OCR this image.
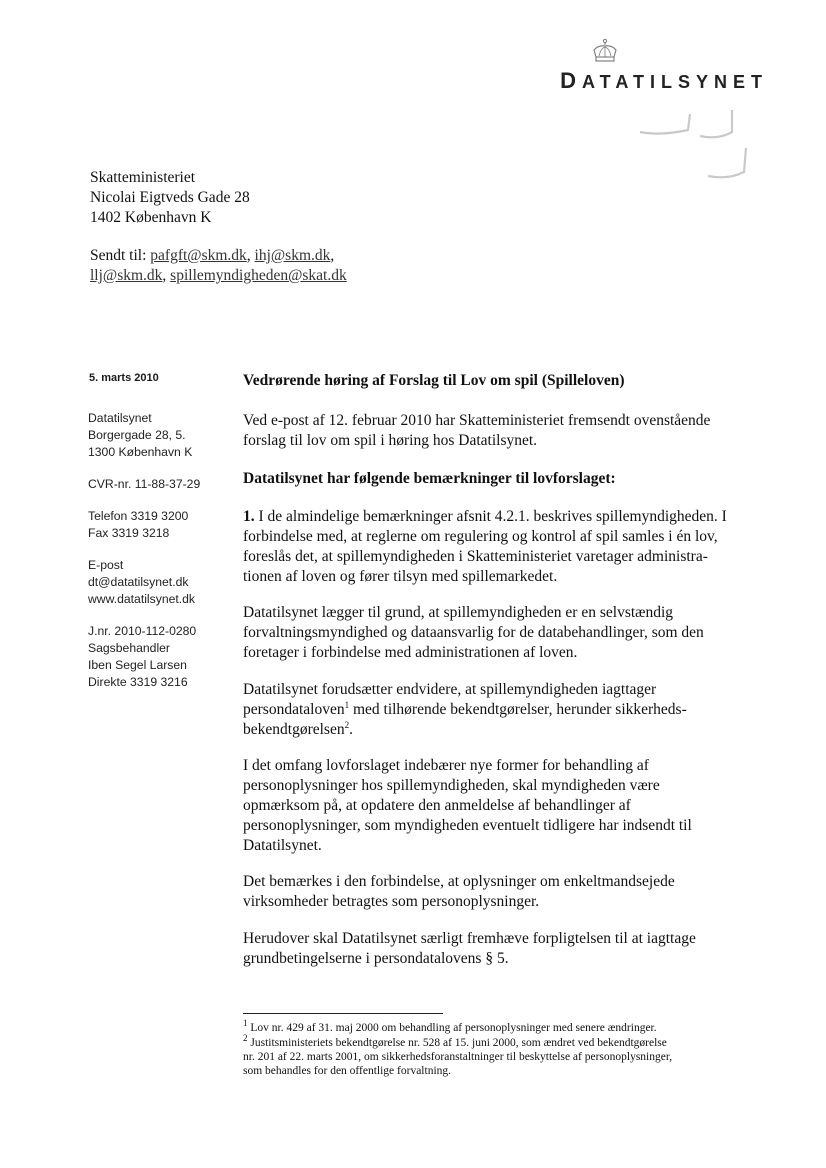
DATATILSYNET
Skatteministeriet
Nicolai Eigtveds Gade 28
1402 København K
Sendt til: pafgft@skm.dk, ihj@skm.dk,
llj@skm.dk, spillemyndigheden@skat.dk
5. marts 2010
Datatilsynet
Borgergade 28, 5.
1300 København K
CVR-nr. 11-88-37-29
Telefon 3319 3200
Fax 3319 3218
E-post
dt@datatilsynet.dk
www.datatilsynet.dk
J.nr. 2010-112-0280
Sagsbehandler
Iben Segel Larsen
Direkte 3319 3216
Vedrørende høring af Forslag til Lov om spil (Spilleloven)
Ved e-post af 12. februar 2010 har Skatteministeriet fremsendt ovenstående
forslag til lov om spil i høring hos Datatilsynet.
Datatilsynet har følgende bemærkninger til lovforslaget:
1. I de almindelige bemærkninger afsnit 4.2.1. beskrives spillemyndigheden. I
forbindelse med, at reglerne om regulering og kontrol af spil samles i én lov,
foreslås det, at spillemyndigheden i Skatteministeriet varetager administra-
tionen af loven og fører tilsyn med spillemarkedet.
Datatilsynet lægger til grund, at spillemyndigheden er en selvstændig
forvaltningsmyndighed og dataansvarlig for de databehandlinger, som den
foretager i forbindelse med administrationen af loven.
Datatilsynet forudsætter endvidere, at spillemyndigheden iagttager
persondataloven$^1$ med tilhørende bekendtgørelser, herunder sikkerheds-
bekendtgørelsen$^2$.
I det omfang lovforslaget indebærer nye former for behandling af
personoplysninger hos spillemyndigheden, skal myndigheden være
opmærksom på, at opdatere den anmeldelse af behandlinger af
personoplysninger, som myndigheden eventuelt tidligere har indsendt til
Datatilsynet.
Det bemærkes i den forbindelse, at oplysninger om enkeltmandsejede
virksomheder betragtes som personoplysninger.
Herudover skal Datatilsynet særligt fremhæve forpligtelsen til at iagttage
grundbetingelserne i persondatalovens § 5.
$^1$ Lov nr. 429 af 31. maj 2000 om behandling af personoplysninger med senere ændringer.
$^2$ Justitsministeriets bekendtgørelse nr. 528 af 15. juni 2000, som ændret ved bekendtgørelse
nr. 201 af 22. marts 2001, om sikkerhedsforanstaltninger til beskyttelse af personoplysninger,
som behandles for den offentlige forvaltning.
